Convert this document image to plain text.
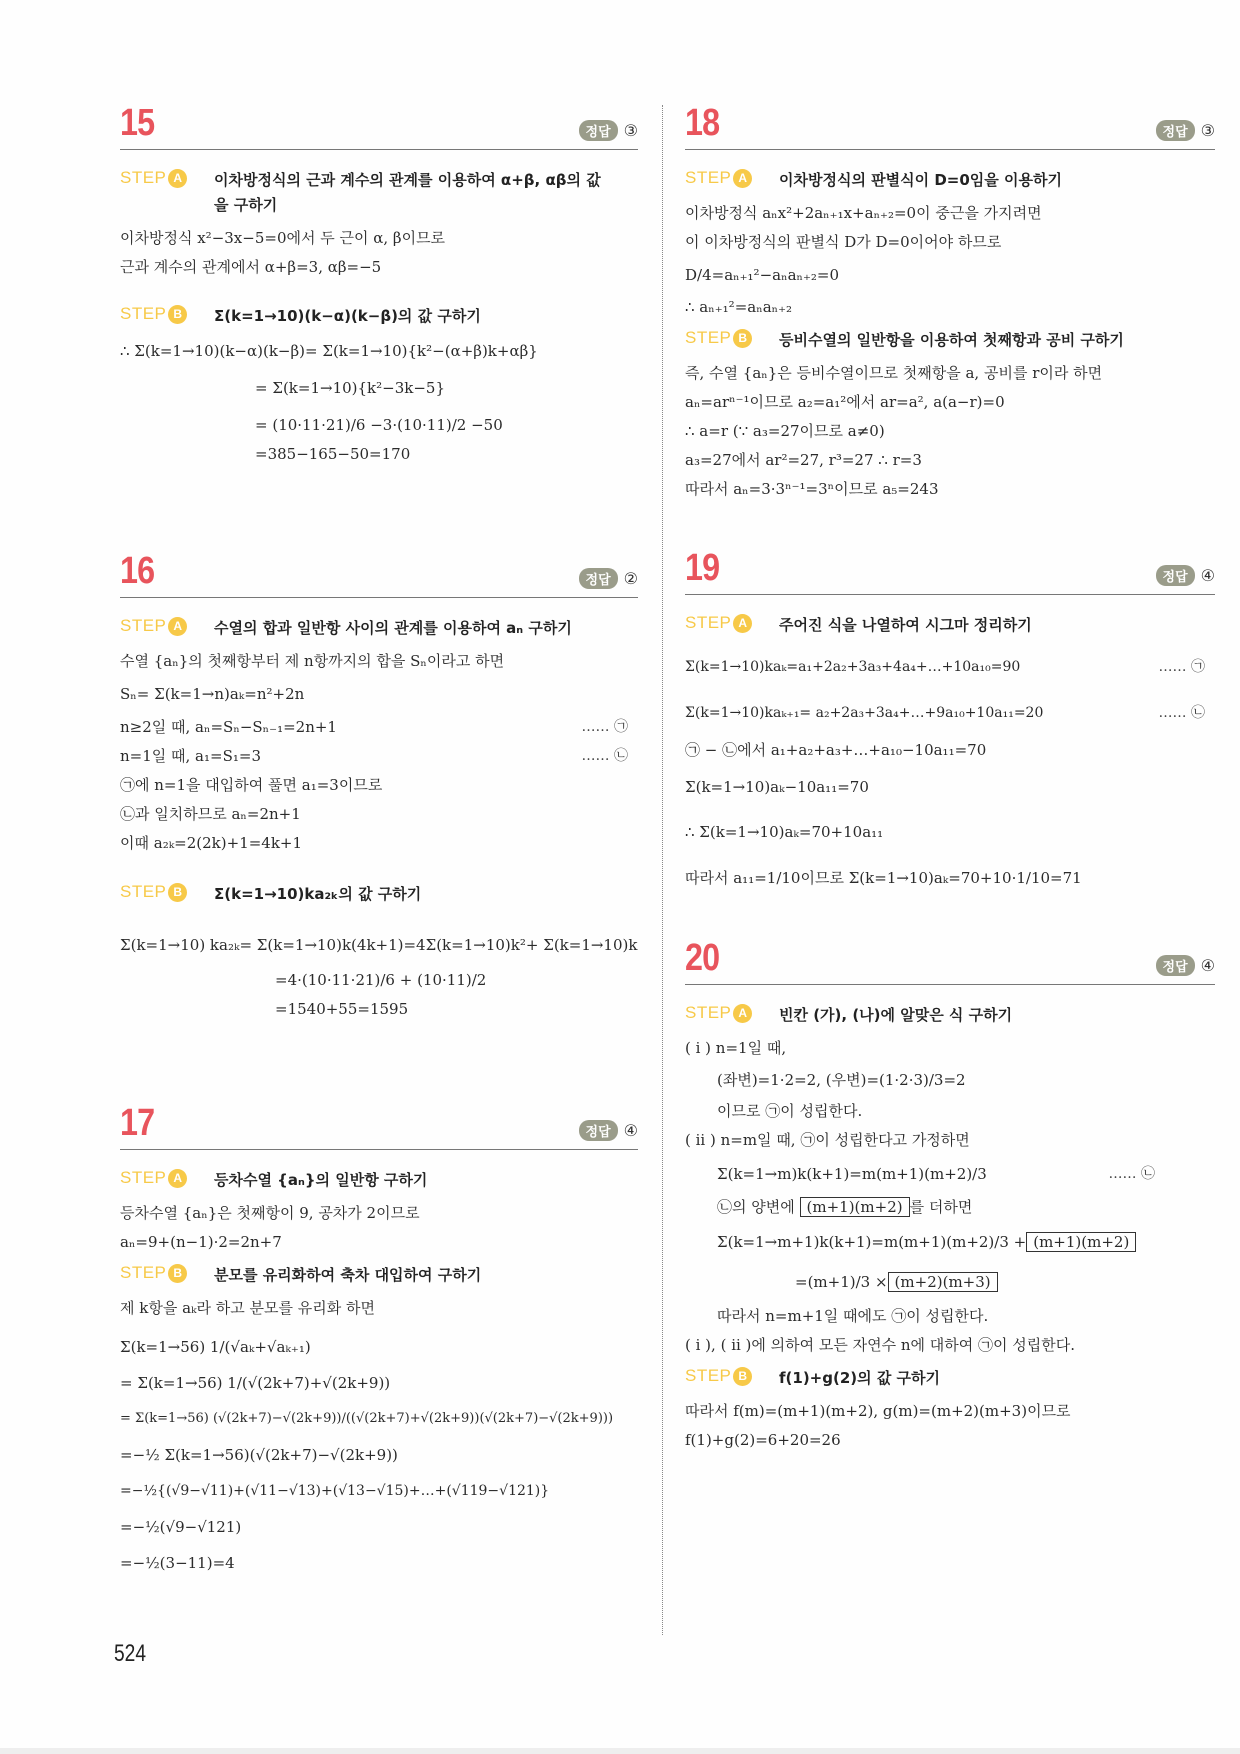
15	정답 ③
STEP A	이차방정식의 근과 계수의 관계를 이용하여 α+β, αβ의 값을 구하기
이차방정식 x²−3x−5=0에서 두 근이 α, β이므로
근과 계수의 관계에서 α+β=3, αβ=−5
STEP B	Σ(k=1→10)(k−α)(k−β)의 값 구하기
∴ Σ(k=1→10)(k−α)(k−β)= Σ(k=1→10){k²−(α+β)k+αβ}
= Σ(k=1→10){k²−3k−5}
= (10·11·21)/6 −3·(10·11)/2 −50
=385−165−50=170
16	정답 ②
STEP A	수열의 합과 일반항 사이의 관계를 이용하여 aₙ 구하기
수열 {aₙ}의 첫째항부터 제 n항까지의 합을 Sₙ이라고 하면
Sₙ= Σ(k=1→n)aₖ=n²+2n
n≥2일 때, aₙ=Sₙ−Sₙ₋₁=2n+1	…… ㉠
n=1일 때, a₁=S₁=3	…… ㉡
㉠에 n=1을 대입하여 풀면 a₁=3이므로
㉡과 일치하므로 aₙ=2n+1
이때 a₂ₖ=2(2k)+1=4k+1
STEP B	Σ(k=1→10)ka₂ₖ의 값 구하기
Σ(k=1→10) ka₂ₖ= Σ(k=1→10)k(4k+1)=4Σ(k=1→10)k²+ Σ(k=1→10)k
=4·(10·11·21)/6 + (10·11)/2
=1540+55=1595
17	정답 ④
STEP A	등차수열 {aₙ}의 일반항 구하기
등차수열 {aₙ}은 첫째항이 9, 공차가 2이므로
aₙ=9+(n−1)·2=2n+7
STEP B	분모를 유리화하여 축차 대입하여 구하기
제 k항을 aₖ라 하고 분모를 유리화 하면
Σ(k=1→56) 1/(√aₖ+√aₖ₊₁)
= Σ(k=1→56) 1/(√(2k+7)+√(2k+9))
= Σ(k=1→56) (√(2k+7)−√(2k+9))/((√(2k+7)+√(2k+9))(√(2k+7)−√(2k+9)))
=−½ Σ(k=1→56)(√(2k+7)−√(2k+9))
=−½{(√9−√11)+(√11−√13)+(√13−√15)+…+(√119−√121)}
=−½(√9−√121)
=−½(3−11)=4
18	정답 ③
STEP A	이차방정식의 판별식이 D=0임을 이용하기
이차방정식 aₙx²+2aₙ₊₁x+aₙ₊₂=0이 중근을 가지려면
이 이차방정식의 판별식 D가 D=0이어야 하므로
D/4=aₙ₊₁²−aₙaₙ₊₂=0
∴ aₙ₊₁²=aₙaₙ₊₂
STEP B	등비수열의 일반항을 이용하여 첫째항과 공비 구하기
즉, 수열 {aₙ}은 등비수열이므로 첫째항을 a, 공비를 r이라 하면
aₙ=arⁿ⁻¹이므로 a₂=a₁²에서 ar=a², a(a−r)=0
∴ a=r (∵ a₃=27이므로 a≠0)
a₃=27에서 ar²=27, r³=27 ∴ r=3
따라서 aₙ=3·3ⁿ⁻¹=3ⁿ이므로 a₅=243
19	정답 ④
STEP A	주어진 식을 나열하여 시그마 정리하기
Σ(k=1→10)kaₖ=a₁+2a₂+3a₃+4a₄+…+10a₁₀=90	…… ㉠
Σ(k=1→10)kaₖ₊₁= a₂+2a₃+3a₄+…+9a₁₀+10a₁₁=20	…… ㉡
㉠ − ㉡에서 a₁+a₂+a₃+…+a₁₀−10a₁₁=70
Σ(k=1→10)aₖ−10a₁₁=70
∴ Σ(k=1→10)aₖ=70+10a₁₁
따라서 a₁₁=1/10이므로 Σ(k=1→10)aₖ=70+10·1/10=71
20	정답 ④
STEP A	빈칸 (가), (나)에 알맞은 식 구하기
( i ) n=1일 때,
(좌변)=1·2=2, (우변)=(1·2·3)/3=2
이므로 ㉠이 성립한다.
( ii ) n=m일 때, ㉠이 성립한다고 가정하면
Σ(k=1→m)k(k+1)=m(m+1)(m+2)/3	…… ㉡
㉡의 양변에 (m+1)(m+2) 를 더하면
Σ(k=1→m+1)k(k+1)=m(m+1)(m+2)/3 + (m+1)(m+2)
=(m+1)/3 × (m+2)(m+3)
따라서 n=m+1일 때에도 ㉠이 성립한다.
( i ), ( ii )에 의하여 모든 자연수 n에 대하여 ㉠이 성립한다.
STEP B	f(1)+g(2)의 값 구하기
따라서 f(m)=(m+1)(m+2), g(m)=(m+2)(m+3)이므로
f(1)+g(2)=6+20=26
524
